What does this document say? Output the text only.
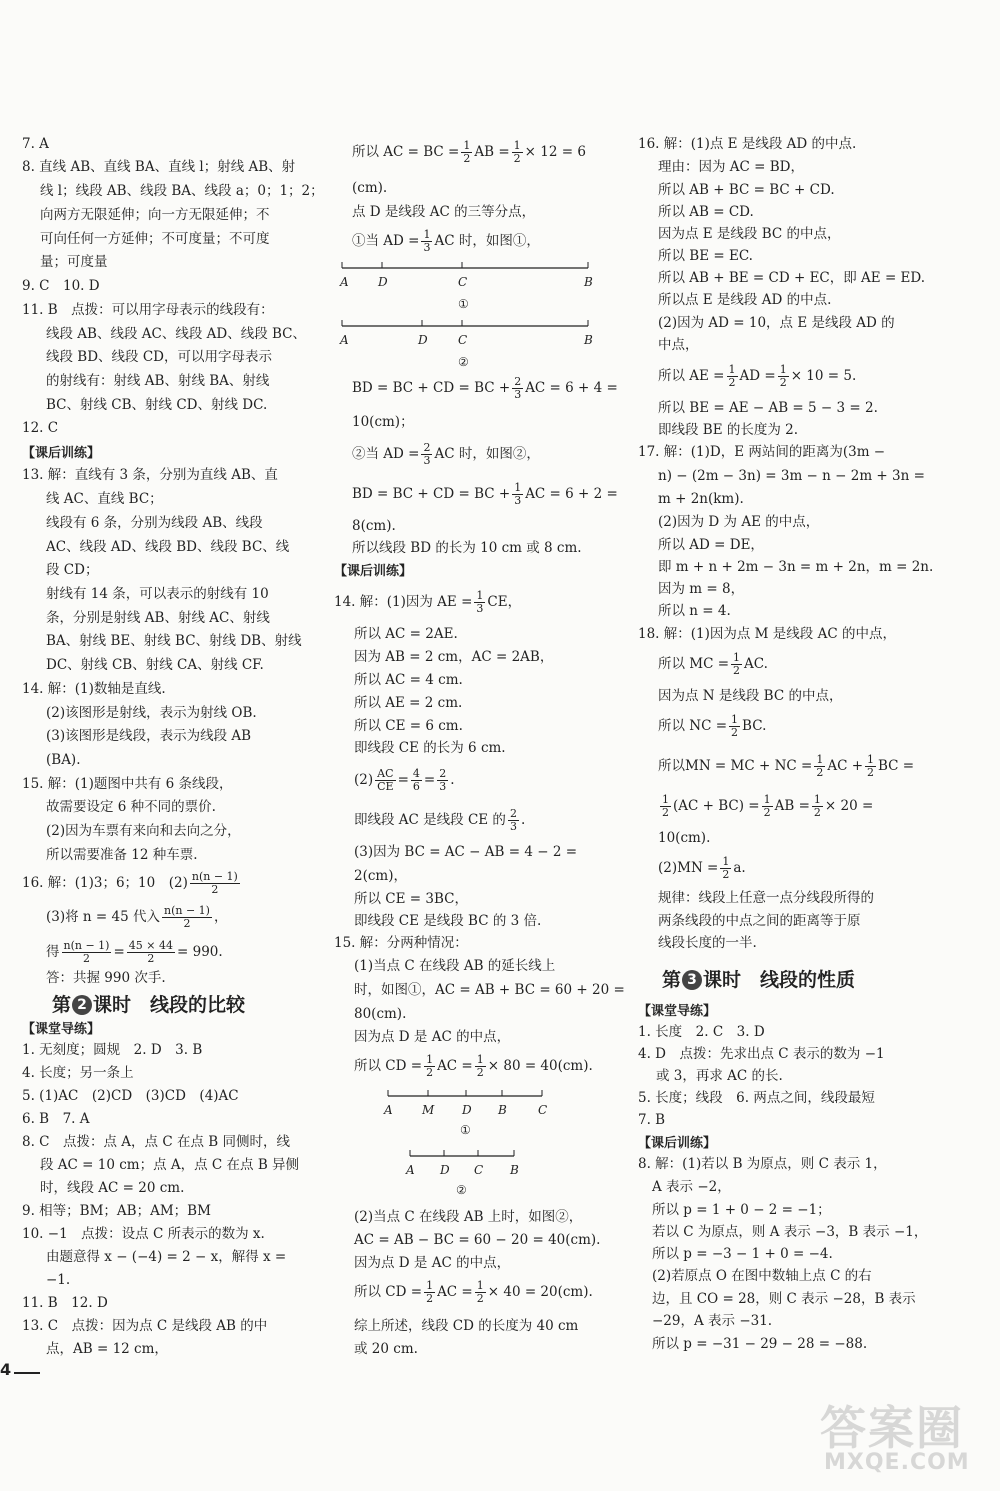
7. A
8. 直线 AB、直线 BA、直线 l；射线 AB、射
线 l；线段 AB、线段 BA、线段 a；0；1；2；
向两方无限延伸；向一方无限延伸；不
可向任何一方延伸；不可度量；不可度
量；可度量
9. C　10. D
11. B　点拨：可以用字母表示的线段有：
线段 AB、线段 AC、线段 AD、线段 BC、
线段 BD、线段 CD，可以用字母表示
的射线有：射线 AB、射线 BA、射线
BC、射线 CB、射线 CD、射线 DC.
12. C
【课后训练】
13. 解：直线有 3 条，分别为直线 AB、直
线 AC、直线 BC；
线段有 6 条，分别为线段 AB、线段
AC、线段 AD、线段 BD、线段 BC、线
段 CD；
射线有 14 条，可以表示的射线有 10
条，分别是射线 AB、射线 AC、射线
BA、射线 BE、射线 BC、射线 DB、射线
DC、射线 CB、射线 CA、射线 CF.
14. 解：(1)数轴是直线.
(2)该图形是射线，表示为射线 OB.
(3)该图形是线段，表示为线段 AB
(BA).
15. 解：(1)题图中共有 6 条线段，
故需要设定 6 种不同的票价.
(2)因为车票有来向和去向之分，
所以需要准备 12 种车票.
16. 解：(1)3；6；10　$(2) \frac{n(n - 1)}{2}$
(3)将 n = 45 代入 $\frac{n(n - 1)}{2}$ ，
得 $\frac{n(n - 1)}{2} = \frac{45 \times 44}{2} = 990$.
答：共握 990 次手.
第 2 课时　线段的比较
【课堂导练】
1. 无刻度；圆规　2. D　3. B
4. 长度；另一条上
5. (1)AC　(2)CD　(3)CD　(4)AC
6. B　7. A
8. C　点拨：点 A，点 C 在点 B 同侧时，线
段 AC = 10 cm；点 A，点 C 在点 B 异侧
时，线段 AC = 20 cm.
9. 相等；BM；AB；AM；BM
10. −1　点拨：设点 C 所表示的数为 x.
由题意得 x − (−4) = 2 − x，解得 x =
−1.
11. B　12. D
13. C　点拨：因为点 C 是线段 AB 的中
点，AB = 12 cm，
4
所以 AC = BC = $\frac{1}{2}$ AB = $\frac{1}{2} \times 12 = 6$
(cm).
点 D 是线段 AC 的三等分点，
①当 AD = $\frac{1}{3}$ AC 时，如图①，
A D	C	B
①
A	D	C	B
②
BD = BC + CD = BC + $\frac{2}{3}$ AC = 6 + 4 =
10(cm)；
②当 AD = $\frac{2}{3}$ AC 时，如图②，
BD = BC + CD = BC + $\frac{1}{3}$ AC = 6 + 2 =
8(cm).
所以线段 BD 的长为 10 cm 或 8 cm.
【课后训练】
14. 解：(1)因为 AE = $\frac{1}{3}$ CE，
所以 AC = 2AE.
因为 AB = 2 cm，AC = 2AB，
所以 AC = 4 cm.
所以 AE = 2 cm.
所以 CE = 6 cm.
即线段 CE 的长为 6 cm.
$(2) \frac{AC}{CE} = \frac{4}{6} = \frac{2}{3}$ .
即线段 AC 是线段 CE 的 $\frac{2}{3}$ .
(3)因为 BC = AC − AB = 4 − 2 =
2(cm)，
所以 CE = 3BC，
即线段 CE 是线段 BC 的 3 倍.
15. 解：分两种情况：
(1)当点 C 在线段 AB 的延长线上
时，如图①，AC = AB + BC = 60 + 20 =
80(cm).
因为点 D 是 AC 的中点，
所以 CD = $\frac{1}{2}$ AC = $\frac{1}{2} \times 80 = 40(cm)$.
A M D B	C
①
A D C B
②
(2)当点 C 在线段 AB 上时，如图②，
AC = AB − BC = 60 − 20 = 40(cm).
因为点 D 是 AC 的中点，
所以 CD = $\frac{1}{2}$ AC = $\frac{1}{2} \times 40 = 20(cm)$.
综上所述，线段 CD 的长度为 40 cm
或 20 cm.
16. 解：(1)点 E 是线段 AD 的中点.
理由：因为 AC = BD，
所以 AB + BC = BC + CD.
所以 AB = CD.
因为点 E 是线段 BC 的中点，
所以 BE = EC.
所以 AB + BE = CD + EC，即 AE = ED.
所以点 E 是线段 AD 的中点.
(2)因为 AD = 10，点 E 是线段 AD 的
中点，
所以 AE = $\frac{1}{2}$ AD = $\frac{1}{2} \times 10 = 5$.
所以 BE = AE − AB = 5 − 3 = 2.
即线段 BE 的长度为 2.
17. 解：(1)D，E 两站间的距离为(3m −
n) − (2m − 3n) = 3m − n − 2m + 3n =
m + 2n(km).
(2)因为 D 为 AE 的中点，
所以 AD = DE，
即 m + n + 2m − 3n = m + 2n，m = 2n.
因为 m = 8，
所以 n = 4.
18. 解：(1)因为点 M 是线段 AC 的中点，
所以 MC = $\frac{1}{2}$ AC.
因为点 N 是线段 BC 的中点，
所以 NC = $\frac{1}{2}$ BC.
所以MN = MC + NC = $\frac{1}{2}$ AC + $\frac{1}{2}$ BC =
$\frac{1}{2} (AC + BC) = \frac{1}{2}$ AB = $\frac{1}{2} \times 20$ =
10(cm).
$(2)MN = \frac{1}{2} a$.
规律：线段上任意一点分线段所得的
两条线段的中点之间的距离等于原
线段长度的一半.
第 3 课时　线段的性质
【课堂导练】
1. 长度　2. C　3. D
4. D　点拨：先求出点 C 表示的数为 −1
或 3，再求 AC 的长.
5. 长度；线段　6. 两点之间，线段最短
7. B
【课后训练】
8. 解：(1)若以 B 为原点，则 C 表示 1，
A 表示 −2，
所以 p = 1 + 0 − 2 = −1；
若以 C 为原点，则 A 表示 −3，B 表示 −1，
所以 p = −3 − 1 + 0 = −4.
(2)若原点 O 在图中数轴上点 C 的右
边，且 CO = 28，则 C 表示 −28，B 表示
−29，A 表示 −31.
所以 p = −31 − 29 − 28 = −88.
答案圈
MXQE.COM
